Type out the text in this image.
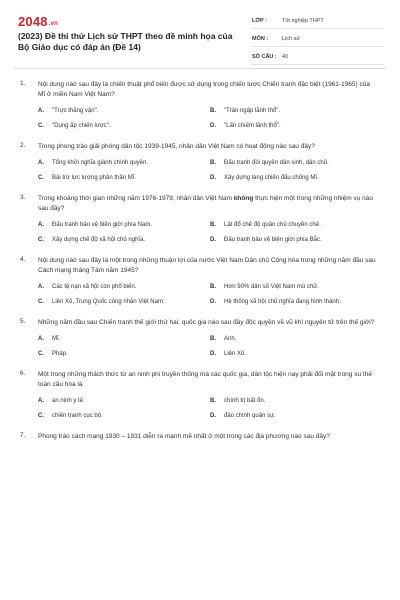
2048.vn
(2023) Đề thi thử Lịch sử THPT theo đề minh họa của Bộ Giáo dục có đáp án (Đề 14)
LỚP :	Tốt nghiệp THPT
MÔN :	Lịch sử
SỐ CÂU : 40
1. Nội dung nào sau đây là chiến thuật phổ biến được sử dụng trong chiến lược Chiến tranh đặc biệt (1961-1965) của Mĩ ở miền Nam Việt Nam?
A.	"Trực thăng vận".	B.	"Tràn ngập lãnh thổ".
C.	"Dụng ấp chiến lược".	D.	"Lấn chiếm lãnh thổ".
2. Trong phong trào giải phóng dân tộc 1939-1945, nhân dân Việt Nam có hoạt động nào sau đây?
A.	Tổng khởi nghĩa giành chính quyền.	B.	Đấu tranh đòi quyền dân sinh, dân chủ.
C.	Bài trừ lực lượng phản thân Mĩ.	D.	Xây dựng làng chiến đấu chống Mĩ.
3. Trong khoảng thời gian những năm 1976-1979, nhân dân Việt Nam không thực hiện một trong những nhiệm vụ nào sau đây?
A.	Đấu tranh bảo vệ biên giới phía Nam.	B.	Lật đổ chế độ quân chủ chuyên chế.
C.	Xây dựng chế độ xã hội chủ nghĩa.	D.	Đấu tranh bảo vệ biên giới phía Bắc.
4. Nội dung nào sau đây là một trong những thuận lợi của nước Việt Nam Dân chủ Cộng hòa trong những năm đầu sau Cách mạng tháng Tám năm 1945?
A.	Các tệ nạn xã hội còn phổ biến.	B.	Hơn 90% dân số Việt Nam mù chữ.
C.	Liên Xô, Trung Quốc công nhận Việt Nam.	D.	Hệ thống xã hội chủ nghĩa đang hình thành.
5. Những năm đầu sau Chiến tranh thế giới thứ hai, quốc gia nào sau đây độc quyền về vũ khí nguyên tử trên thế giới?
A.	Mĩ.	B.	Anh.
C.	Pháp.	D.	Liên Xô.
6. Một trong những thách thức từ an ninh phi truyền thống mà các quốc gia, dân tộc hiện nay phải đối mặt trong xu thế toàn cầu hóa là
A.	an ninh y tế.	B.	chính trị bất ổn.
C.	chiến tranh cục bộ.	D.	đảo chính quân sự.
7. Phong trào cách mạng 1930 – 1931 diễn ra mạnh mẽ nhất ở một trong các địa phương nào sau đây?
